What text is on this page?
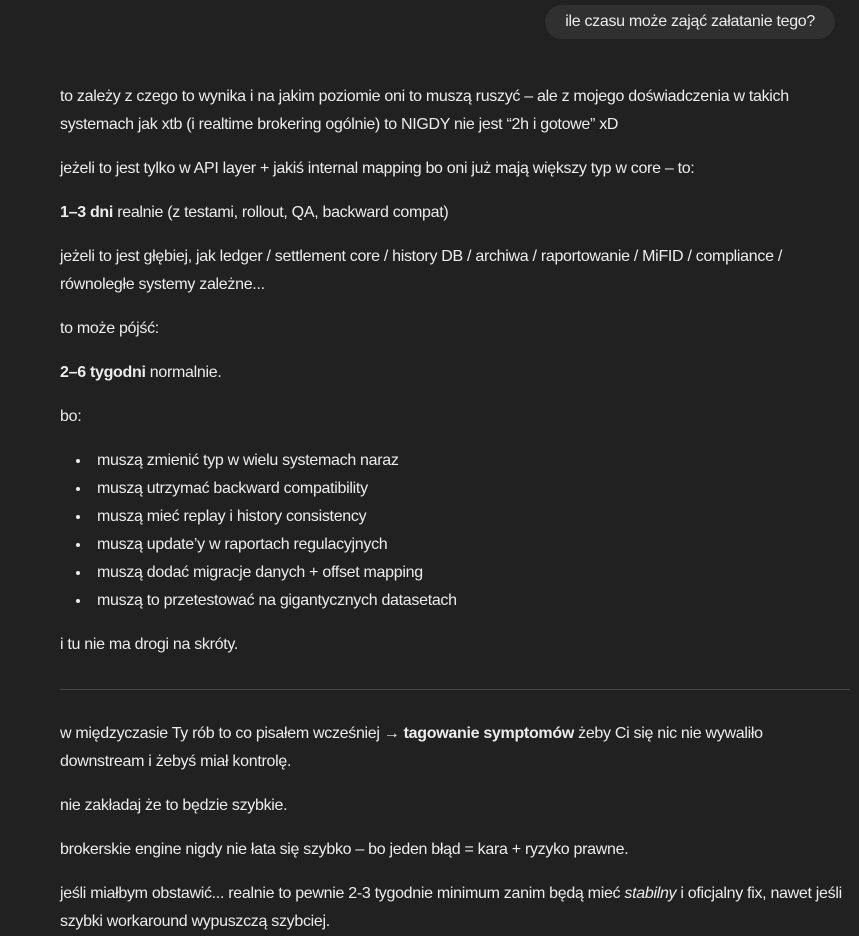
ile czasu może zająć załatanie tego?

to zależy z czego to wynika i na jakim poziomie oni to muszą ruszyć – ale z mojego doświadczenia w takich systemach jak xtb (i realtime brokering ogólnie) to NIGDY nie jest “2h i gotowe” xD

jeżeli to jest tylko w API layer + jakiś internal mapping bo oni już mają większy typ w core – to:

1–3 dni realnie (z testami, rollout, QA, backward compat)

jeżeli to jest głębiej, jak ledger / settlement core / history DB / archiwa / raportowanie / MiFID / compliance / równoległe systemy zależne...

to może pójść:

2–6 tygodni normalnie.

bo:

• muszą zmienić typ w wielu systemach naraz
• muszą utrzymać backward compatibility
• muszą mieć replay i history consistency
• muszą update’y w raportach regulacyjnych
• muszą dodać migracje danych + offset mapping
• muszą to przetestować na gigantycznych datasetach

i tu nie ma drogi na skróty.

w międzyczasie Ty rób to co pisałem wcześniej → tagowanie symptomów żeby Ci się nic nie wywaliło downstream i żebyś miał kontrolę.

nie zakładaj że to będzie szybkie.

brokerskie engine nigdy nie łata się szybko – bo jeden błąd = kara + ryzyko prawne.

jeśli miałbym obstawić... realnie to pewnie 2-3 tygodnie minimum zanim będą mieć stabilny i oficjalny fix, nawet jeśli szybki workaround wypuszczą szybciej.
